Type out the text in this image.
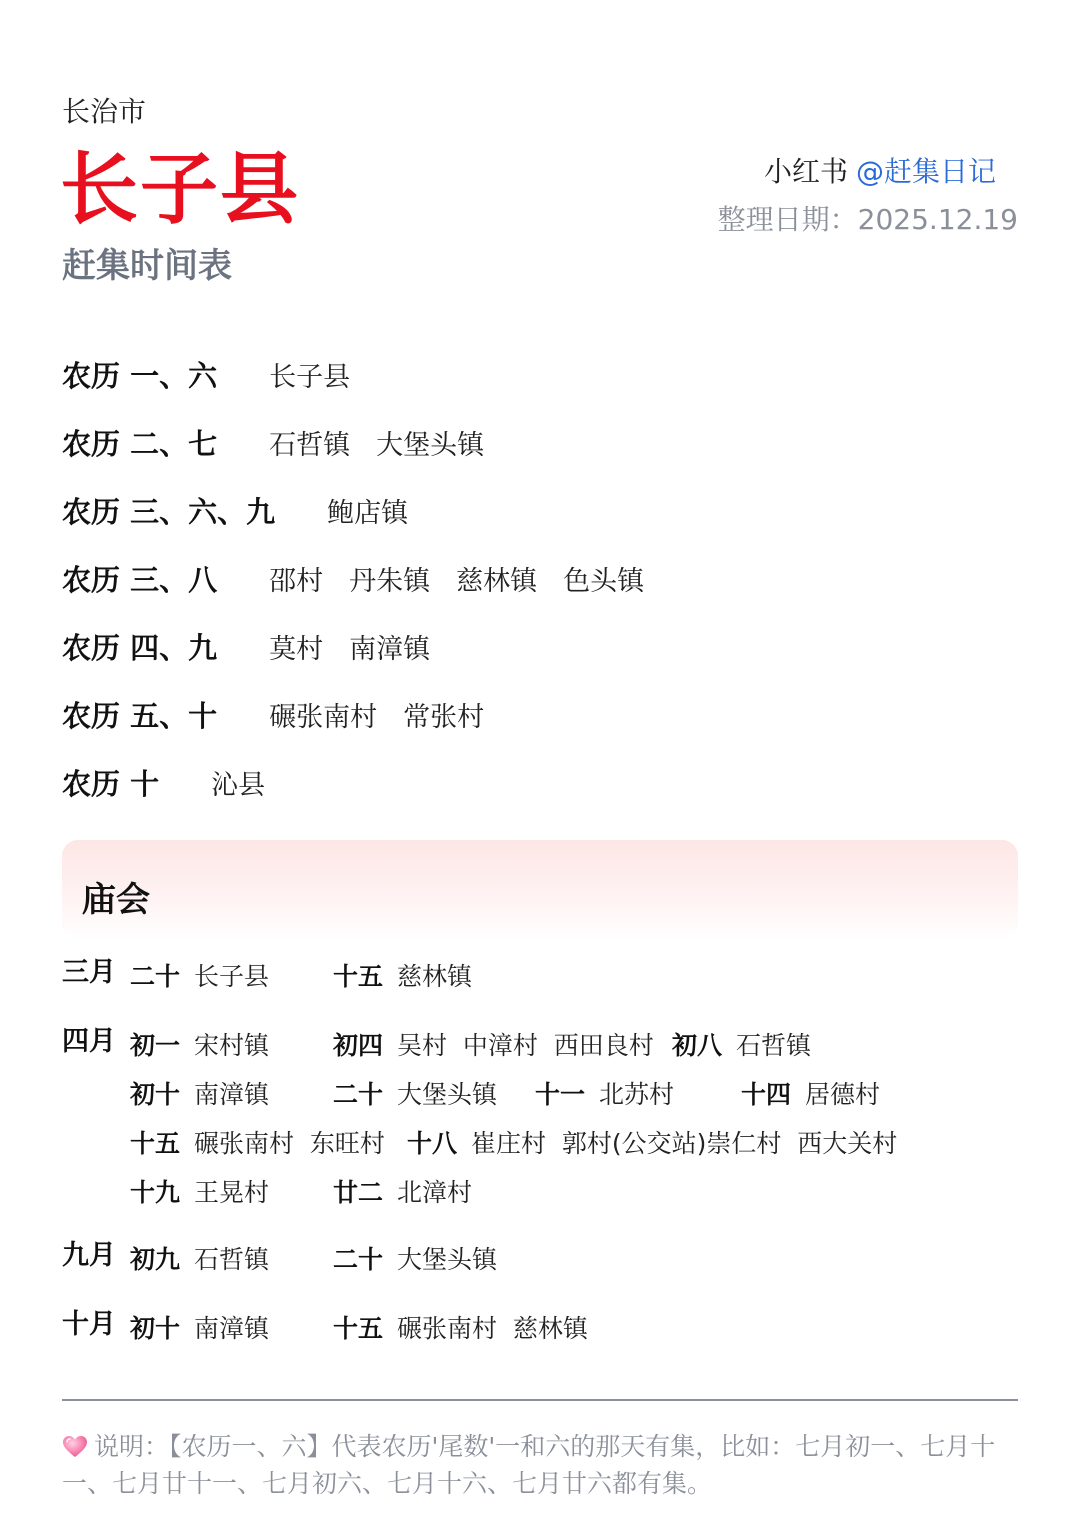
长治市
长子县
赶集时间表
小红书 @赶集日记
整理日期：2025.12.19
农历 一、六 长子县
农历 二、七 石哲镇 大堡头镇
农历 三、六、九 鲍店镇
农历 三、八 邵村 丹朱镇 慈林镇 色头镇
农历 四、九 莫村 南漳镇
农历 五、十 碾张南村 常张村
农历 十 沁县
庙会
三月 二十 长子县	十五 慈林镇
四月 初一 宋村镇	初四 吴村  中漳村  西田良村 初八 石哲镇
初十 南漳镇	二十 大堡头镇 十一 北苏村	十四 居德村
十五 碾张南村  东旺村 十八 崔庄村  郭村(公交站)崇仁村  西大关村
十九 王晃村	廿二 北漳村
九月 初九 石哲镇	二十 大堡头镇
十月 初十 南漳镇	十五 碾张南村  慈林镇
说明：【农历一、六】代表农历'尾数'一和六的那天有集，比如：七月初一、七月十一、七月廿十一、七月初六、七月十六、七月廿六都有集。
